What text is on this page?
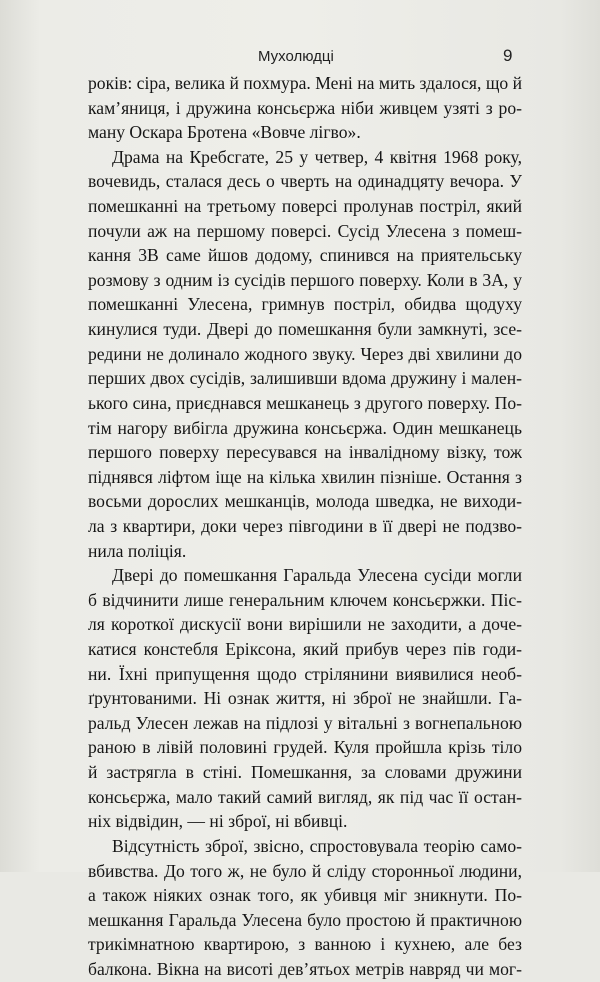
Мухолюдці	9
років: сіра, велика й похмура. Мені на мить здалося, що й
кам’яниця, і дружина консьєржа ніби живцем узяті з ро-
ману Оскара Бротена «Вовче лігво».
Драма на Кребсгате, 25 у четвер, 4 квітня 1968 року,
вочевидь, сталася десь о чверть на одинадцяту вечора. У
помешканні на третьому поверсі пролунав постріл, який
почули аж на першому поверсі. Сусід Улесена з помеш-
кання 3В саме йшов додому, спинився на приятельську
розмову з одним із сусідів першого поверху. Коли в 3А, у
помешканні Улесена, гримнув постріл, обидва щодуху
кинулися туди. Двері до помешкання були замкнуті, зсе-
редини не долинало жодного звуку. Через дві хвилини до
перших двох сусідів, залишивши вдома дружину і мален-
ького сина, приєднався мешканець з другого поверху. По-
тім нагору вибігла дружина консьєржа. Один мешканець
першого поверху пересувався на інвалідному візку, тож
піднявся ліфтом іще на кілька хвилин пізніше. Остання з
восьми дорослих мешканців, молода шведка, не виходи-
ла з квартири, доки через півгодини в її двері не подзво-
нила поліція.
Двері до помешкання Гаральда Улесена сусіди могли
б відчинити лише генеральним ключем консьєржки. Піс-
ля короткої дискусії вони вирішили не заходити, а доче-
катися констебля Еріксона, який прибув через пів годи-
ни. Їхні припущення щодо стрілянини виявилися необ-
ґрунтованими. Ні ознак життя, ні зброї не знайшли. Га-
ральд Улесен лежав на підлозі у вітальні з вогнепальною
раною в лівій половині грудей. Куля пройшла крізь тіло
й застрягла в стіні. Помешкання, за словами дружини
консьєржа, мало такий самий вигляд, як під час її остан-
ніх відвідин, — ні зброї, ні вбивці.
Відсутність зброї, звісно, спростовувала теорію само-
вбивства. До того ж, не було й сліду сторонньої людини,
а також ніяких ознак того, як убивця міг зникнути. По-
мешкання Гаральда Улесена було простою й практичною
трикімнатною квартирою, з ванною і кухнею, але без
балкона. Вікна на висоті дев’ятьох метрів навряд чи мог-
